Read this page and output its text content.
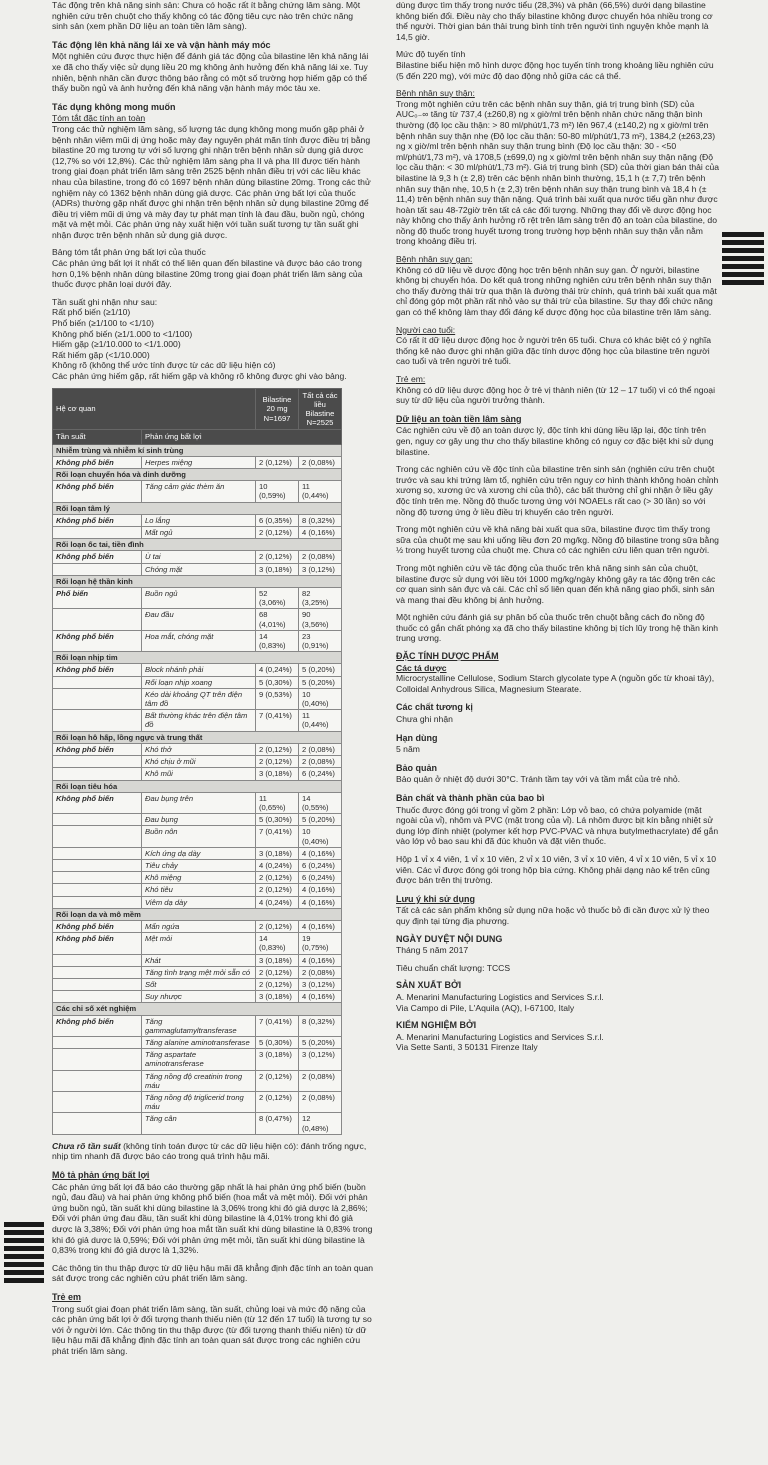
Tác động trên khả năng sinh sản: Chưa có hoặc rất ít bằng chứng lâm sàng. Một
nghiên cứu trên chuột cho thấy không có tác động tiêu cực nào trên chức năng
sinh sản (xem phần Dữ liệu an toàn tiền lâm sàng).
Tác động lên khả năng lái xe và vận hành máy móc

Một nghiên cứu được thực hiện để đánh giá tác động của bilastine lên khả năng lái xe đã cho thấy việc sử dụng liều 20 mg không ảnh hưởng đến khả năng lái xe. Tuy nhiên, bệnh nhân cần được thông báo rằng có một số trường hợp hiếm gặp có thể thấy buồn ngủ và ảnh hưởng đến khả năng vận hành máy móc tàu xe.

Tác dụng không mong muốn
Tóm tắt đặc tính an toàn

Trong các thử nghiệm lâm sàng, số lượng tác dụng không mong muốn gặp phải ở bệnh nhân viêm mũi dị ứng hoặc mày đay nguyên phát mãn tính được điều trị bằng bilastine 20 mg tương tự với số lượng ghi nhận trên bệnh nhân sử dụng giả dược (12,7% so với 12,8%). Các thử nghiệm lâm sàng pha II và pha III được tiến hành trong giai đoạn phát triển lâm sàng trên 2525 bệnh nhân điều trị với các liều khác nhau của bilastine, trong đó có 1697 bệnh nhân dùng bilastine 20mg. Trong các thử nghiệm này có 1362 bệnh nhân dùng giả dược. Các phản ứng bất lợi của thuốc (ADRs) thường gặp nhất được ghi nhận trên bệnh nhân sử dụng bilastine 20mg để điều trị viêm mũi dị ứng và mày đay tự phát mạn tính là đau đầu, buồn ngủ, chóng mặt và mệt mỏi. Các phản ứng này xuất hiện với tuần suất tương tự tần suất ghi nhận được trên bệnh nhân sử dụng giả dược.

Bảng tóm tắt phản ứng bất lợi của thuốc

Các phản ứng bất lợi ít nhất có thể liên quan đến bilastine và được báo cáo trong hơn 0,1% bệnh nhân dùng bilastine 20mg trong giai đoạn phát triển lâm sàng của thuốc được phân loại dưới đây.

Tần suất ghi nhận như sau:
Rất phổ biến (≥1/10)
Phổ biến (≥1/100 to <1/10)
Không phổ biến (≥1/1.000 to <1/100)
Hiếm gặp (≥1/10.000 to <1/1.000)
Rất hiếm gặp (<1/10.000)
Không rõ (không thể ước tính được từ các dữ liệu hiện có)
Các phản ứng hiếm gặp, rất hiếm gặp và không rõ không được ghi vào bảng.
Hệ cơ quan		Bilastine
20 mg
N=1697	Tất cả các liều
Bilastine
N=2525

Tần suất	Phản ứng bất lợi		
Nhiễm trùng và nhiễm kí sinh trùng			
Không phổ biến	Herpes miệng	2 (0,12%)	2 (0,08%)
Rối loạn chuyển hóa và dinh dưỡng			
Không phổ biến	Tăng cảm giác thèm ăn	10 (0,59%)	11 (0,44%)
Rối loạn tâm lý			
Không phổ biến	Lo lắng	6 (0,35%)	8 (0,32%)
	Mất ngủ	2 (0,12%)	4 (0,16%)
Rối loạn ốc tai, tiền đình			
Không phổ biến	Ù tai	2 (0,12%)	2 (0,08%)
	Chóng mặt	3 (0,18%)	3 (0,12%)
Rối loạn hệ thần kinh			
Phổ biến	Buồn ngủ	52 (3,06%)	82 (3,25%)
	Đau đầu	68 (4,01%)	90 (3,56%)
Không phổ biến	Hoa mắt, chóng mặt	14 (0,83%)	23 (0,91%)
Rối loạn nhịp tim			
Không phổ biến	Block nhánh phải	4 (0,24%)	5 (0,20%)
	Rối loạn nhịp xoang	5 (0,30%)	5 (0,20%)
	Kéo dài khoảng QT trên điện tâm đồ	9 (0,53%)	10 (0,40%)
	Bất thường khác trên điện tâm đồ	7 (0,41%)	11 (0,44%)
Rối loạn hô hấp, lồng ngực và trung thất			
Không phổ biến	Khó thở	2 (0,12%)	2 (0,08%)
	Khó chịu ở mũi	2 (0,12%)	2 (0,08%)
	Khô mũi	3 (0,18%)	6 (0,24%)
Rối loạn tiêu hóa			
Không phổ biến	Đau bụng trên	11 (0,65%)	14 (0,55%)
	Đau bụng	5 (0,30%)	5 (0,20%)
	Buồn nôn	7 (0,41%)	10 (0,40%)
	Kích ứng dạ dày	3 (0,18%)	4 (0,16%)
	Tiêu chảy	4 (0,24%)	6 (0,24%)
	Khô miệng	2 (0,12%)	6 (0,24%)
	Khó tiêu	2 (0,12%)	4 (0,16%)
	Viêm dạ dày	4 (0,24%)	4 (0,16%)
Rối loạn da và mô mềm			
Không phổ biến	Mẩn ngứa	2 (0,12%)	4 (0,16%)
Không phổ biến	Mệt mỏi	14 (0,83%)	19 (0,75%)
	Khát	3 (0,18%)	4 (0,16%)
	Tăng tình trạng mệt mỏi sẵn có	2 (0,12%)	2 (0,08%)
	Sốt	2 (0,12%)	3 (0,12%)
	Suy nhược	3 (0,18%)	4 (0,16%)
Các chỉ số xét nghiệm			
Không phổ biến	Tăng gammaglutamyltransferase	7 (0,41%)	8 (0,32%)
	Tăng alanine aminotransferase	5 (0,30%)	5 (0,20%)
	Tăng aspartate aminotransferase	3 (0,18%)	3 (0,12%)
	Tăng nồng độ creatinin trong máu	2 (0,12%)	2 (0,08%)
	Tăng nồng độ triglicerid trong máu	2 (0,12%)	2 (0,08%)
	Tăng cân	8 (0,47%)	12 (0,48%)

Chưa rõ tần suất (không tính toán được từ các dữ liệu hiện có): đánh trống ngực, nhịp tim nhanh đã được báo cáo trong quá trình hậu mãi.

Mô tả phản ứng bất lợi

Các phản ứng bất lợi đã báo cáo thường gặp nhất là hai phản ứng phổ biến (buồn ngủ, đau đầu) và hai phản ứng không phổ biến (hoa mắt và mệt mỏi). Đối với phản ứng buồn ngủ, tần suất khi dùng bilastine là 3,06% trong khi đó giả dược là 2,86%; Đối với phản ứng đau đầu, tần suất khi dùng bilastine là 4,01% trong khi đó giả dược là 3,38%; Đối với phản ứng hoa mắt tần suất khi dùng bilastine là 0,83% trong khi đó giả dược là 0,59%; Đối với phản ứng mệt mỏi, tần suất khi dùng bilastine là 0,83% trong khi đó giả dược là 1,32%.

Các thông tin thu thập được từ dữ liệu hậu mãi đã khẳng định đặc tính an toàn quan sát được trong các nghiên cứu phát triển lâm sàng.

Trẻ em

Trong suốt giai đoạn phát triển lâm sàng, tần suất, chủng loại và mức độ nặng của các phản ứng bất lợi ở đối tượng thanh thiếu niên (từ 12 đến 17 tuổi) là tương tự so với ở người lớn. Các thông tin thu thập được (từ đối tượng thanh thiếu niên) từ dữ liệu hậu mãi đã khẳng định đặc tính an toàn quan sát được trong các nghiên cứu phát triển lâm sàng.

dùng được tìm thấy trong nước tiểu (28,3%) và phân (66,5%) dưới dạng bilastine không biến đổi. Điều này cho thấy bilastine không được chuyển hóa nhiều trong cơ thể người. Thời gian bán thải trung bình tính trên người tình nguyện khỏe mạnh là 14,5 giờ.

Mức độ tuyến tính

Bilastine biểu hiện mô hình dược động học tuyến tính trong khoảng liều nghiên cứu (5 đến 220 mg), với mức độ dao động nhỏ giữa các cá thể.

Bệnh nhân suy thận:

Trong một nghiên cứu trên các bệnh nhân suy thận, giá trị trung bình (SD) của AUC₀₋∞ tăng từ 737,4 (±260,8) ng x giờ/ml trên bệnh nhân chức năng thận bình thường (độ lọc cầu thận: > 80 ml/phút/1,73 m²) lên 967,4 (±140,2) ng x giờ/ml trên bệnh nhân suy thận nhẹ (Độ lọc cầu thận: 50-80 ml/phút/1,73 m²), 1384,2 (±263,23) ng x giờ/ml trên bệnh nhân suy thận trung bình (Độ lọc cầu thận: 30 - <50 ml/phút/1,73 m²), và 1708,5 (±699,0) ng x giờ/ml trên bệnh nhân suy thận nặng (Độ lọc cầu thận: < 30 ml/phút/1,73 m²). Giá trị trung bình (SD) của thời gian bán thải của bilastine là 9,3 h (± 2,8) trên các bệnh nhân bình thường, 15,1 h (± 7,7) trên bệnh nhân suy thận nhẹ, 10,5 h (± 2,3) trên bệnh nhân suy thận trung bình và 18,4 h (± 11,4) trên bệnh nhân suy thận nặng. Quá trình bài xuất qua nước tiểu gần như được hoàn tất sau 48-72giờ trên tất cả các đối tượng. Những thay đổi về dược động học này không cho thấy ảnh hưởng rõ rệt trên lâm sàng trên độ an toàn của bilastine, do nồng độ thuốc trong huyết tương trong trường hợp bệnh nhân suy thận vẫn nằm trong khoảng điều trị.

Bệnh nhân suy gan:

Không có dữ liệu về dược động học trên bệnh nhân suy gan. Ở người, bilastine không bị chuyển hóa. Do kết quả trong những nghiên cứu trên bệnh nhân suy thận cho thấy đường thải trừ qua thận là đường thải trừ chính, quá trình bài xuất qua mật chỉ đóng góp một phần rất nhỏ vào sự thải trừ của bilastine. Sự thay đổi chức năng gan có thể không làm thay đổi đáng kể dược động học của bilastine trên lâm sàng.

Người cao tuổi:

Có rất ít dữ liệu dược động học ở người trên 65 tuổi. Chưa có khác biệt có ý nghĩa thống kê nào được ghi nhận giữa đặc tính dược động học của bilastine trên người cao tuổi và trên người trẻ tuổi.

Trẻ em:

Không có dữ liệu dược động học ở trẻ vị thành niên (từ 12 – 17 tuổi) vì có thể ngoại suy từ dữ liệu của người trưởng thành.

Dữ liệu an toàn tiền lâm sàng

Các nghiên cứu về độ an toàn dược lý, độc tính khi dùng liều lặp lại, độc tính trên gen, nguy cơ gây ung thư cho thấy bilastine không có nguy cơ đặc biệt khi sử dụng bilastine.

Trong các nghiên cứu về độc tính của bilastine trên sinh sản (nghiên cứu trên chuột trước và sau khi trứng làm tổ, nghiên cứu trên nguy cơ hình thành không hoàn chỉnh xương sọ, xương ức và xương chi của thỏ), các bất thường chỉ ghi nhận ở liều gây độc tính trên mẹ. Nồng độ thuốc tương ứng với NOAELs rất cao (> 30 lần) so với nồng độ tương ứng ở liều điều trị khuyến cáo trên người.

Trong một nghiên cứu về khả năng bài xuất qua sữa, bilastine được tìm thấy trong sữa của chuột mẹ sau khi uống liều đơn 20 mg/kg. Nồng độ bilastine trong sữa bằng ½ trong huyết tương của chuột mẹ. Chưa có các nghiên cứu liên quan trên người.

Trong một nghiên cứu về tác động của thuốc trên khả năng sinh sản của chuột, bilastine được sử dụng với liều tới 1000 mg/kg/ngày không gây ra tác động trên các cơ quan sinh sản đực và cái. Các chỉ số liên quan đến khả năng giao phối, sinh sản và mang thai đều không bị ảnh hưởng.

Một nghiên cứu đánh giá sự phân bố của thuốc trên chuột bằng cách đo nồng độ thuốc có gắn chất phóng xạ đã cho thấy bilastine không bị tích lũy trong hệ thần kinh trung ương.

ĐẶC TÍNH DƯỢC PHẨM
Các tá dược

Microcrystalline Cellulose, Sodium Starch glycolate type A (nguồn gốc từ khoai tây), Colloidal Anhydrous Silica, Magnesium Stearate.

Các chất tương kị

Chưa ghi nhận

Hạn dùng

5 năm

Bảo quản

Bảo quản ở nhiệt độ dưới 30°C. Tránh tầm tay với và tầm mắt của trẻ nhỏ.

Bản chất và thành phần của bao bì

Thuốc được đóng gói trong vỉ gồm 2 phần: Lớp vỏ bao, có chứa polyamide (mặt ngoài của vỉ), nhôm và PVC (mặt trong của vỉ). Lá nhôm được bịt kín bằng nhiệt sử dụng lớp đính nhiệt (polymer kết hợp PVC-PVAC và nhựa butylmethacrylate) để gắn vào lớp vỏ bao sau khi đã đúc khuôn và đặt viên thuốc.

Hộp 1 vỉ x 4 viên, 1 vỉ x 10 viên, 2 vỉ x 10 viên, 3 vỉ x 10 viên, 4 vỉ x 10 viên, 5 vỉ x 10 viên. Các vỉ được đóng gói trong hộp bìa cứng. Không phải dạng nào kể trên cũng được bán trên thị trường.

Lưu ý khi sử dụng

Tất cả các sản phẩm không sử dụng nữa hoặc vỏ thuốc bỏ đi cần được xử lý theo quy định tại từng địa phương.

NGÀY DUYỆT NỘI DUNG

Tháng 5 năm 2017

Tiêu chuẩn chất lượng: TCCS

SẢN XUẤT BỞI
A. Menarini Manufacturing Logistics and Services S.r.l.

Via Campo di Pile, L'Aquila (AQ), I-67100, Italy

KIỂM NGHIỆM BỞI
A. Menarini Manufacturing Logistics and Services S.r.l.

Via Sette Santi, 3 50131 Firenze Italy
